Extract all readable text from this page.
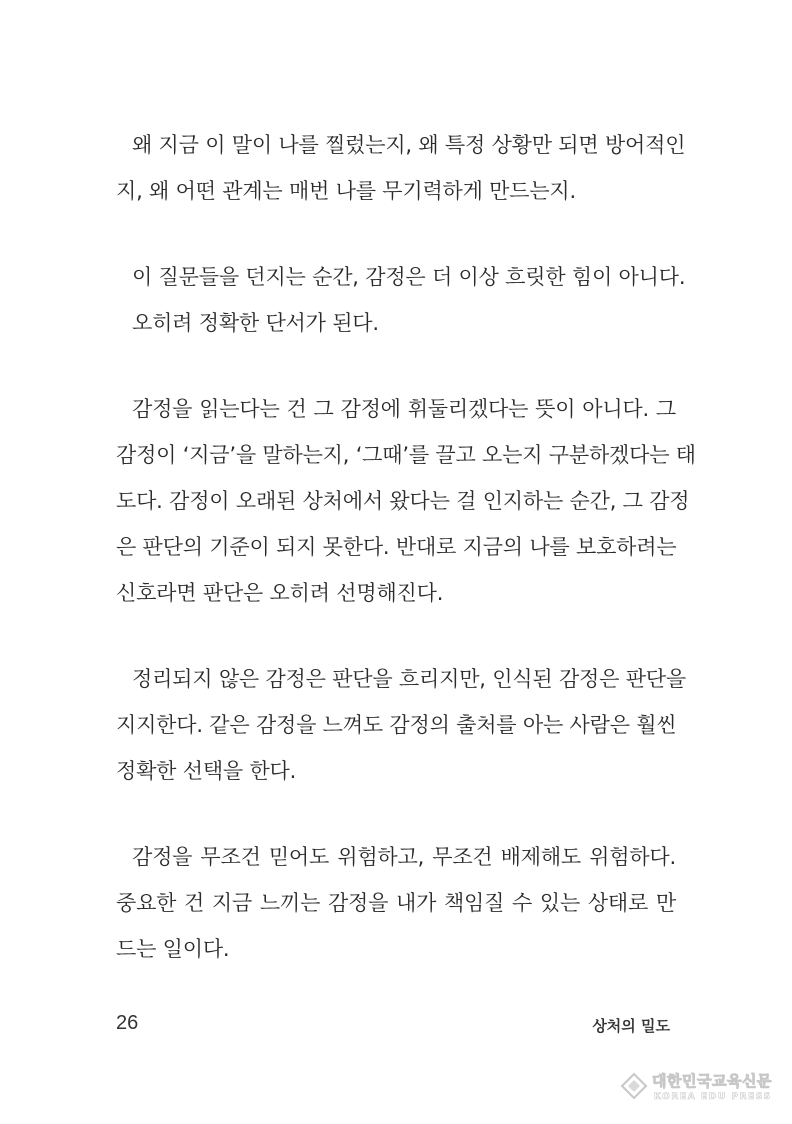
왜 지금 이 말이 나를 찔렀는지, 왜 특정 상황만 되면 방어적인
지, 왜 어떤 관계는 매번 나를 무기력하게 만드는지.
이 질문들을 던지는 순간, 감정은 더 이상 흐릿한 힘이 아니다.
오히려 정확한 단서가 된다.
감정을 읽는다는 건 그 감정에 휘둘리겠다는 뜻이 아니다. 그
감정이 ‘지금’을 말하는지, ‘그때’를 끌고 오는지 구분하겠다는 태
도다. 감정이 오래된 상처에서 왔다는 걸 인지하는 순간, 그 감정
은 판단의 기준이 되지 못한다. 반대로 지금의 나를 보호하려는
신호라면 판단은 오히려 선명해진다.
정리되지 않은 감정은 판단을 흐리지만, 인식된 감정은 판단을
지지한다. 같은 감정을 느껴도 감정의 출처를 아는 사람은 훨씬
정확한 선택을 한다.
감정을 무조건 믿어도 위험하고, 무조건 배제해도 위험하다.
중요한 건 지금 느끼는 감정을 내가 책임질 수 있는 상태로 만
드는 일이다.
26	상처의 밀도
대한민국교육신문
KOREA EDU PRESS
